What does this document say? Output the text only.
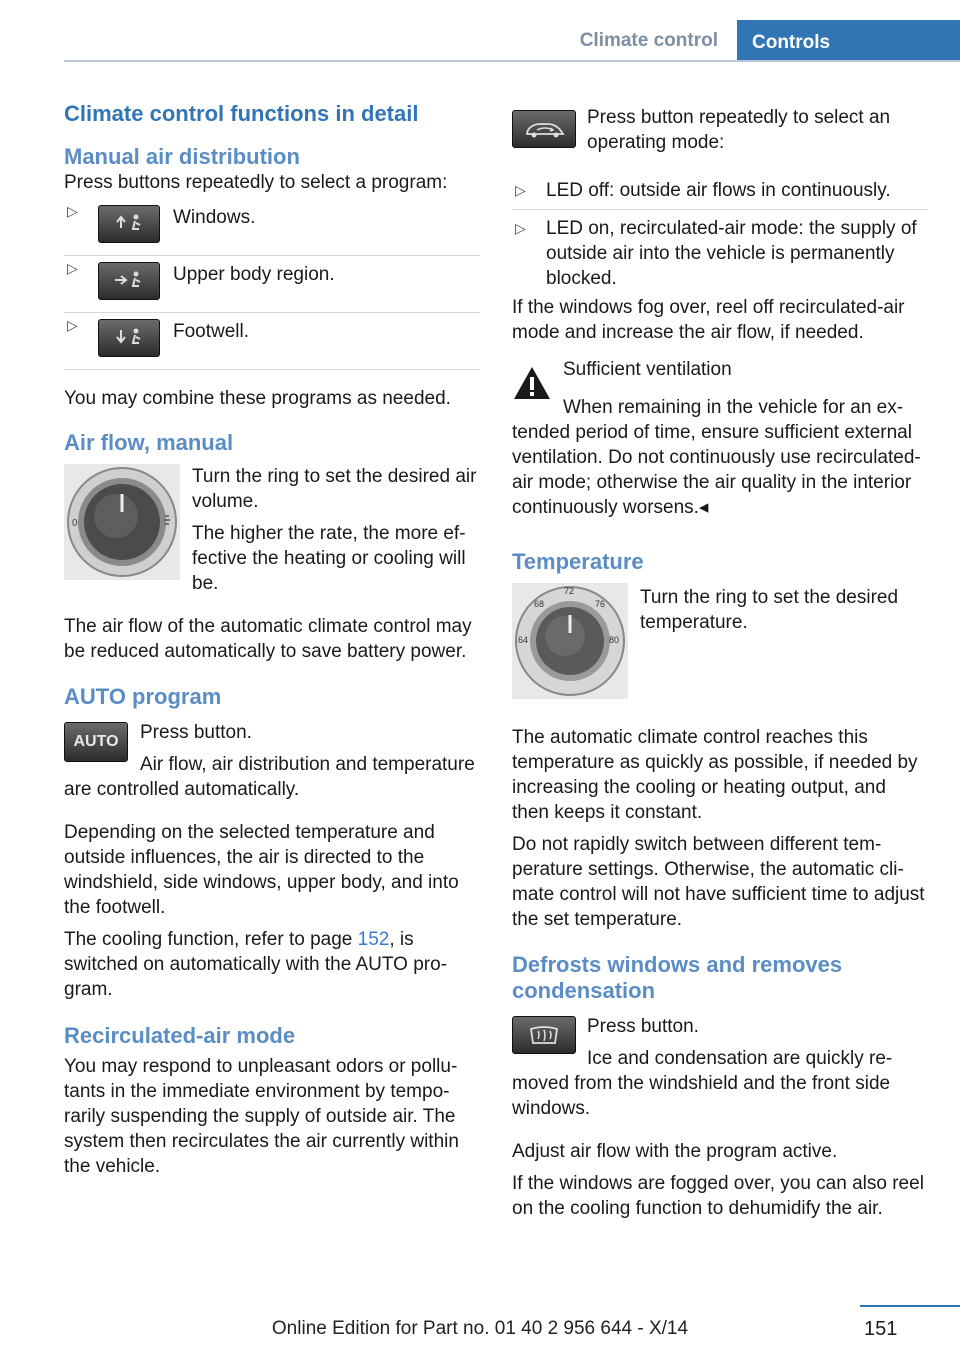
Climate control	Controls
Climate control functions in detail
Manual air distribution

Press buttons repeatedly to select a program:

▷	Windows.
▷	Upper body region.
▷	Footwell.

You may combine these programs as needed.

Air flow, manual
0

Turn the ring to set the desired air volume.

The higher the rate, the more effective the heating or cooling will be.

The air flow of the automatic climate control may be reduced automatically to save battery power.

AUTO program
AUTO	Press button.

Air flow, air distribution and temperature are controlled automatically.

Depending on the selected temperature and outside influences, the air is directed to the windshield, side windows, upper body, and into the footwell.

The cooling function, refer to page 152, is switched on automatically with the AUTO program.

Recirculated-air mode

You may respond to unpleasant odors or pollutants in the immediate environment by temporarily suspending the supply of outside air. The system then recirculates the air currently within the vehicle.

Press button repeatedly to select an operating mode:

▷ LED off: outside air flows in continuously.
▷ LED on, recirculated-air mode: the supply of outside air into the vehicle is permanently blocked.

If the windows fog over, reel off recirculated-air mode and increase the air flow, if needed.

Sufficient ventilation

When remaining in the vehicle for an extended period of time, ensure sufficient external ventilation. Do not continuously use recirculated-air mode; otherwise the air quality in the interior continuously worsens.◂

Temperature
64
68
72
76
80

Turn the ring to set the desired temperature.

The automatic climate control reaches this temperature as quickly as possible, if needed by increasing the cooling or heating output, and then keeps it constant.

Do not rapidly switch between different temperature settings. Otherwise, the automatic climate control will not have sufficient time to adjust the set temperature.

Defrosts windows and removes condensation

Press button.

Ice and condensation are quickly removed from the windshield and the front side windows.

Adjust air flow with the program active.

If the windows are fogged over, you can also reel on the cooling function to dehumidify the air.

151
Online Edition for Part no. 01 40 2 956 644 - X/14
